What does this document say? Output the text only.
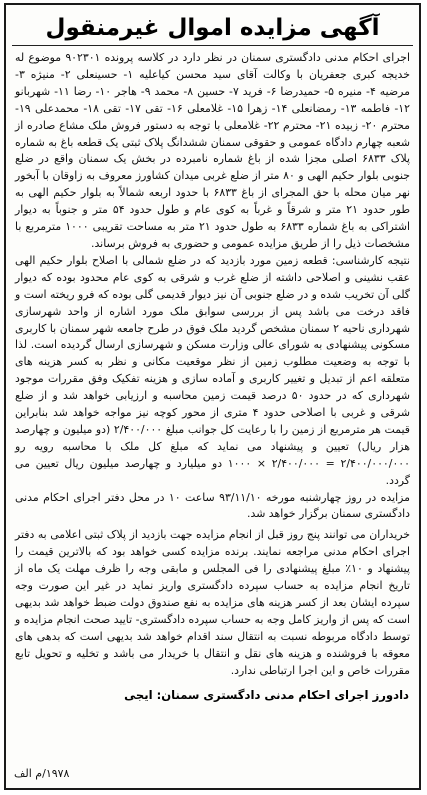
آگهی مزایده اموال غیرمنقول

اجرای احکام مدنی دادگستری سمنان در نظر دارد در کلاسه پرونده ۹۰۲۳۰۱ موضوع له خدیجه کبری جعفریان با وکالت آقای سید محسن کیاعلیه ۱- حسینعلی ۲- منیژه ۳- مرضیه ۴- منیره ۵- حمیدرضا ۶- فرید ۷- حسین ۸- محمد ۹- هاجر ۱۰- رضا ۱۱- شهربانو ۱۲- فاطمه ۱۳- رمضانعلی ۱۴- زهرا ۱۵- غلامعلی ۱۶- تقی ۱۷- تقی ۱۸- محمدعلی ۱۹- محترم ۲۰- زبیده ۲۱- محترم ۲۲- غلامعلی با توجه به دستور فروش ملک مشاع صادره از شعبه چهارم دادگاه عمومی و حقوقی سمنان ششدانگ پلاک ثبتی یک قطعه باغ به شماره پلاک ۶۸۳۳ اصلی مجزا شده از باغ شماره نامبرده در بخش یک سمنان واقع در ضلع جنوبی بلوار حکیم الهی و ۸۰ متر از ضلع غربی میدان کشاورز معروف به زاوقان با آبخور نهر میان محله با حق المجرای از باغ ۶۸۳۳ با حدود اربعه شمالاً به بلوار حکیم الهی به طور حدود ۲۱ متر و شرقاً و غرباً به کوی عام و طول حدود ۵۴ متر و جنوباً به دیوار اشتراکی به باغ شماره ۶۸۳۳ به طول حدود ۲۱ متر به مساحت تقریبی ۱۰۰۰ مترمربع با مشخصات ذیل را از طریق مزایده عمومی و حضوری به فروش برساند.

نتیجه کارشناسی: قطعه زمین مورد بازدید که در ضلع شمالی با اصلاح بلوار حکیم الهی عقب نشینی و اصلاحی داشته از ضلع غرب و شرقی به کوی عام محدود بوده که دیوار گلی آن تخریب شده و در ضلع جنوبی آن نیز دیوار قدیمی گلی بوده که فرو ریخته است و فاقد درخت می باشد پس از بررسی سوابق ملک مورد اشاره از واحد شهرسازی شهرداری ناحیه ۲ سمنان مشخص گردید ملک فوق در طرح جامعه شهر سمنان با کاربری مسکونی پیشنهادی به شورای عالی وزارت مسکن و شهرسازی ارسال گردیده است. لذا با توجه به وضعیت مطلوب زمین از نظر موقعیت مکانی و نظر به کسر هزینه های متعلقه اعم از تبدیل و تغییر کاربری و آماده سازی و هزینه تفکیک وفق مقررات موجود شهرداری که در حدود ۵۰ درصد قیمت زمین محاسبه و ارزیابی خواهد شد و از ضلع شرقی و غربی با اصلاحی حدود ۴ متری از محور کوچه نیز مواجه خواهد شد بنابراین قیمت هر مترمربع از زمین را با رعایت کل جوانب مبلغ ۲/۴۰۰/۰۰۰ (دو میلیون و چهارصد هزار ریال) تعیین و پیشنهاد می نماید که مبلغ کل ملک با محاسبه رویه رو ۲/۴۰۰/۰۰۰/۰۰۰ = ۲/۴۰۰/۰۰۰ × ۱۰۰۰ دو میلیارد و چهارصد میلیون ریال تعیین می گردد.

مزایده در روز چهارشنبه مورخه ۹۳/۱۱/۱۰ ساعت ۱۰ در محل دفتر اجرای احکام مدنی دادگستری سمنان برگزار خواهد شد.

خریداران می توانند پنج روز قبل از انجام مزایده جهت بازدید از پلاک ثبتی اعلامی به دفتر اجرای احکام مدنی مراجعه نمایند. برنده مزایده کسی خواهد بود که بالاترین قیمت را پیشنهاد و ۱۰٪ مبلغ پیشنهادی را فی المجلس و مابقی وجه را ظرف مهلت یک ماه از تاریخ انجام مزایده به حساب سپرده دادگستری واریز نماید در غیر این صورت وجه سپرده ایشان بعد از کسر هزینه های مزایده به نفع صندوق دولت ضبط خواهد شد بدیهی است که پس از واریز کامل وجه به حساب سپرده دادگستری- تایید صحت انجام مزایده و توسط دادگاه مربوطه نسبت به انتقال سند اقدام خواهد شد بدیهی است که بدهی های معوقه با فروشنده و هزینه های نقل و انتقال با خریدار می باشد و تخلیه و تحویل تابع مقررات خاص و این اجرا ارتباطی ندارد.

دادورز اجرای احکام مدنی دادگستری سمنان: ایجی
۱۹۷۸/م الف
